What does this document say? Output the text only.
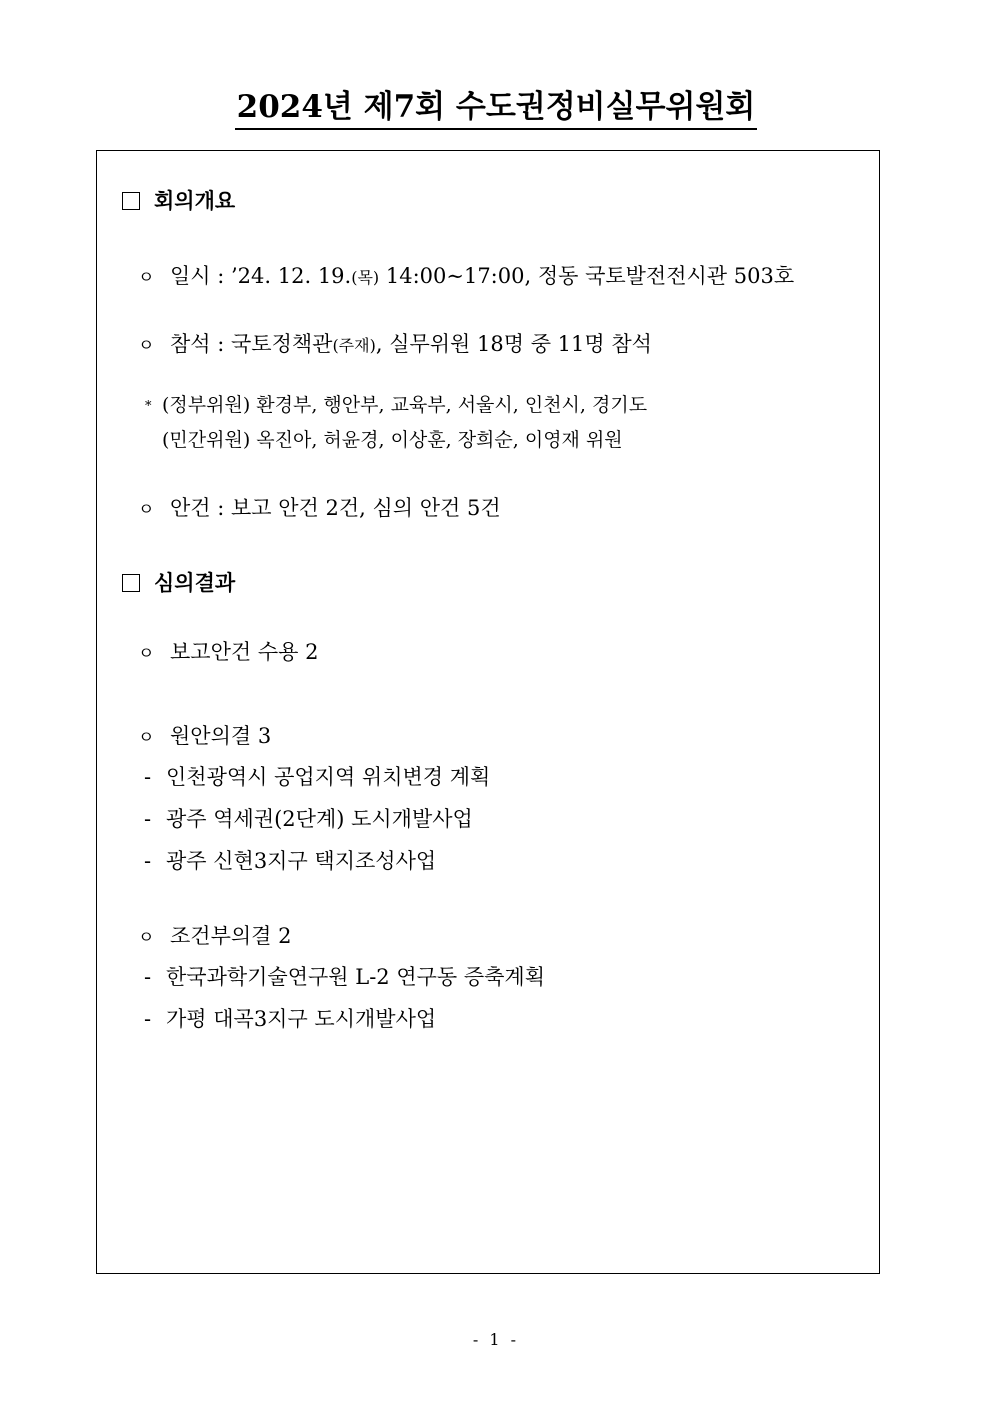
2024년 제7회 수도권정비실무위원회
회의개요
ㅇ 일시 : ’24. 12. 19.(목) 14:00∼17:00, 정동 국토발전전시관 503호
ㅇ 참석 : 국토정책관(주재), 실무위원 18명 중 11명 참석
* (정부위원) 환경부, 행안부, 교육부, 서울시, 인천시, 경기도
(민간위원) 옥진아, 허윤경, 이상훈, 장희순, 이영재 위원
ㅇ 안건 : 보고 안건 2건, 심의 안건 5건
심의결과
ㅇ 보고안건 수용 2
ㅇ 원안의결 3
- 인천광역시 공업지역 위치변경 계획
- 광주 역세권(2단계) 도시개발사업
- 광주 신현3지구 택지조성사업
ㅇ 조건부의결 2
- 한국과학기술연구원 L-2 연구동 증축계획
- 가평 대곡3지구 도시개발사업
- 1 -
